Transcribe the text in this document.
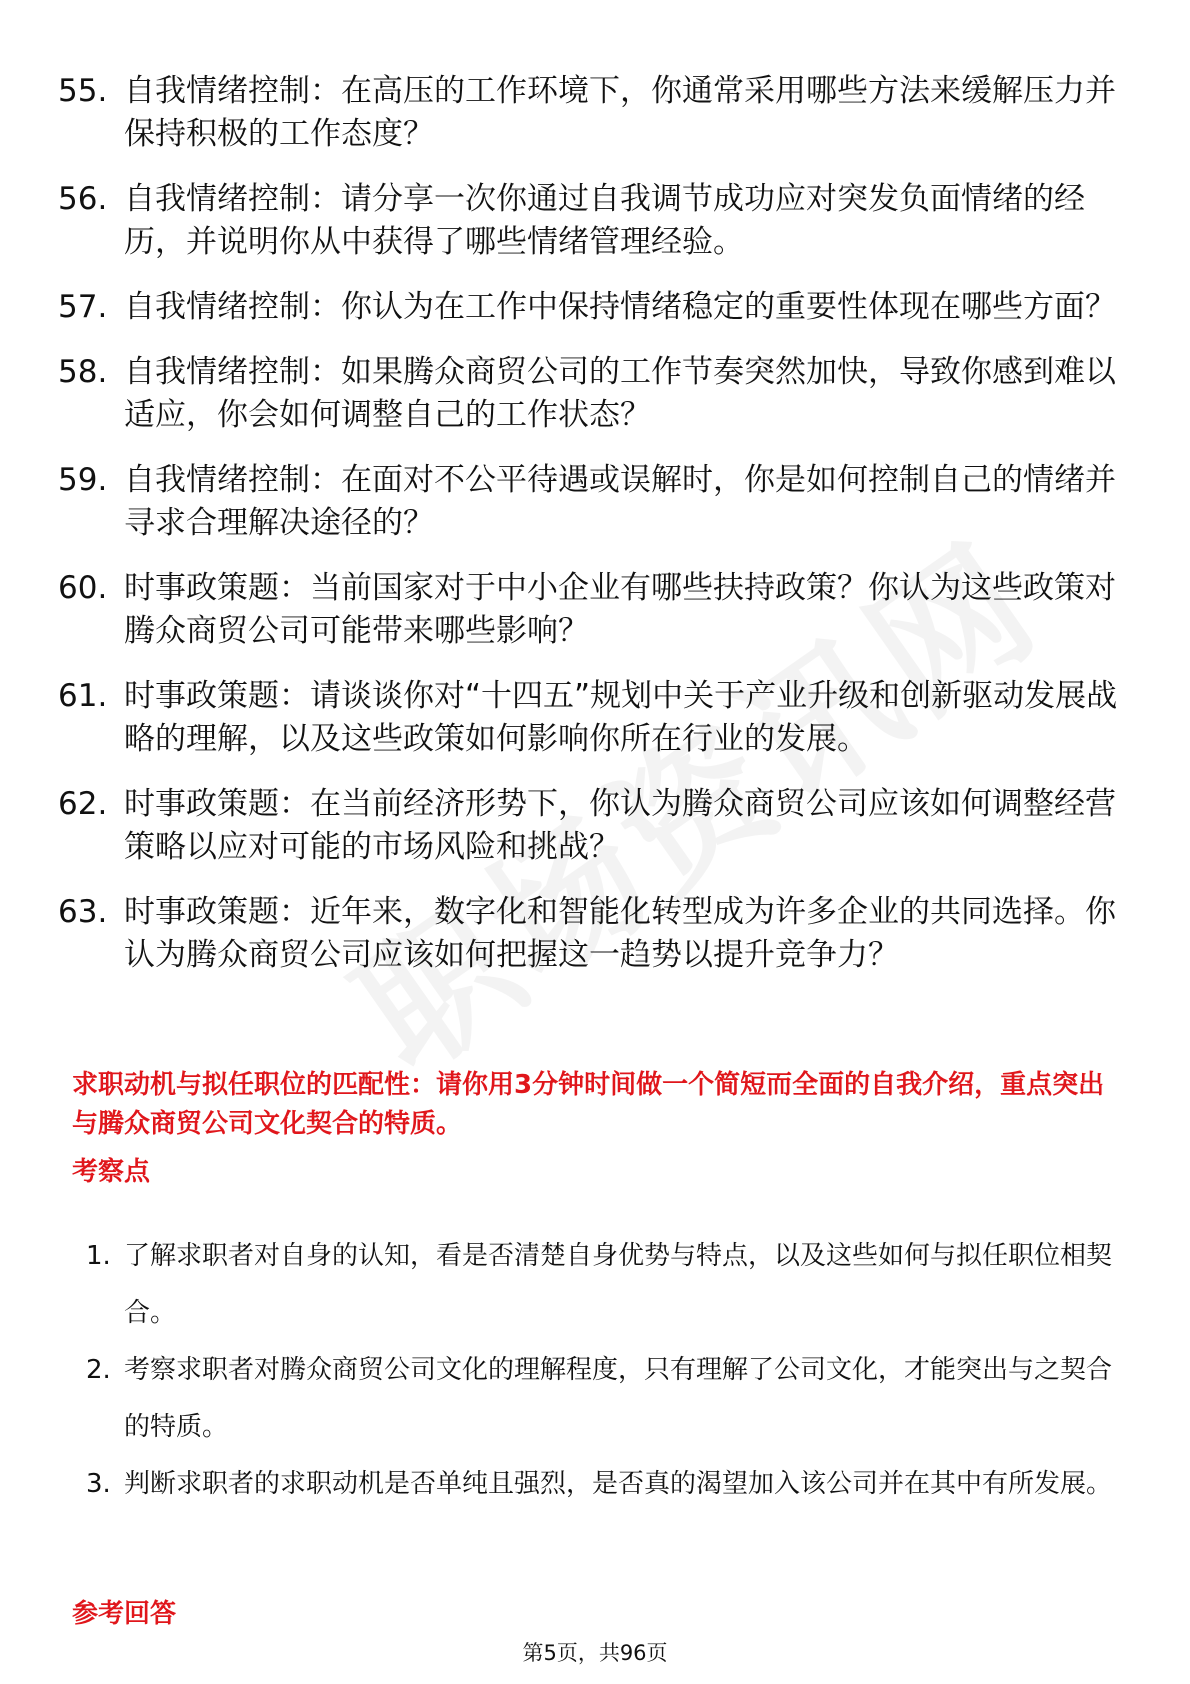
55. 自我情绪控制：在高压的工作环境下，你通常采用哪些方法来缓解压力并保持积极的工作态度？
56. 自我情绪控制：请分享一次你通过自我调节成功应对突发负面情绪的经历，并说明你从中获得了哪些情绪管理经验。
57. 自我情绪控制：你认为在工作中保持情绪稳定的重要性体现在哪些方面？
58. 自我情绪控制：如果腾众商贸公司的工作节奏突然加快，导致你感到难以适应，你会如何调整自己的工作状态？
59. 自我情绪控制：在面对不公平待遇或误解时，你是如何控制自己的情绪并寻求合理解决途径的？
60. 时事政策题：当前国家对于中小企业有哪些扶持政策？你认为这些政策对腾众商贸公司可能带来哪些影响？
61. 时事政策题：请谈谈你对“十四五”规划中关于产业升级和创新驱动发展战略的理解，以及这些政策如何影响你所在行业的发展。
62. 时事政策题：在当前经济形势下，你认为腾众商贸公司应该如何调整经营策略以应对可能的市场风险和挑战？
63. 时事政策题：近年来，数字化和智能化转型成为许多企业的共同选择。你认为腾众商贸公司应该如何把握这一趋势以提升竞争力？
求职动机与拟任职位的匹配性：请你用3分钟时间做一个简短而全面的自我介绍，重点突出与腾众商贸公司文化契合的特质。
考察点
1. 了解求职者对自身的认知，看是否清楚自身优势与特点，以及这些如何与拟任职位相契合。
2. 考察求职者对腾众商贸公司文化的理解程度，只有理解了公司文化，才能突出与之契合的特质。
3. 判断求职者的求职动机是否单纯且强烈，是否真的渴望加入该公司并在其中有所发展。
参考回答
第5页，共96页
